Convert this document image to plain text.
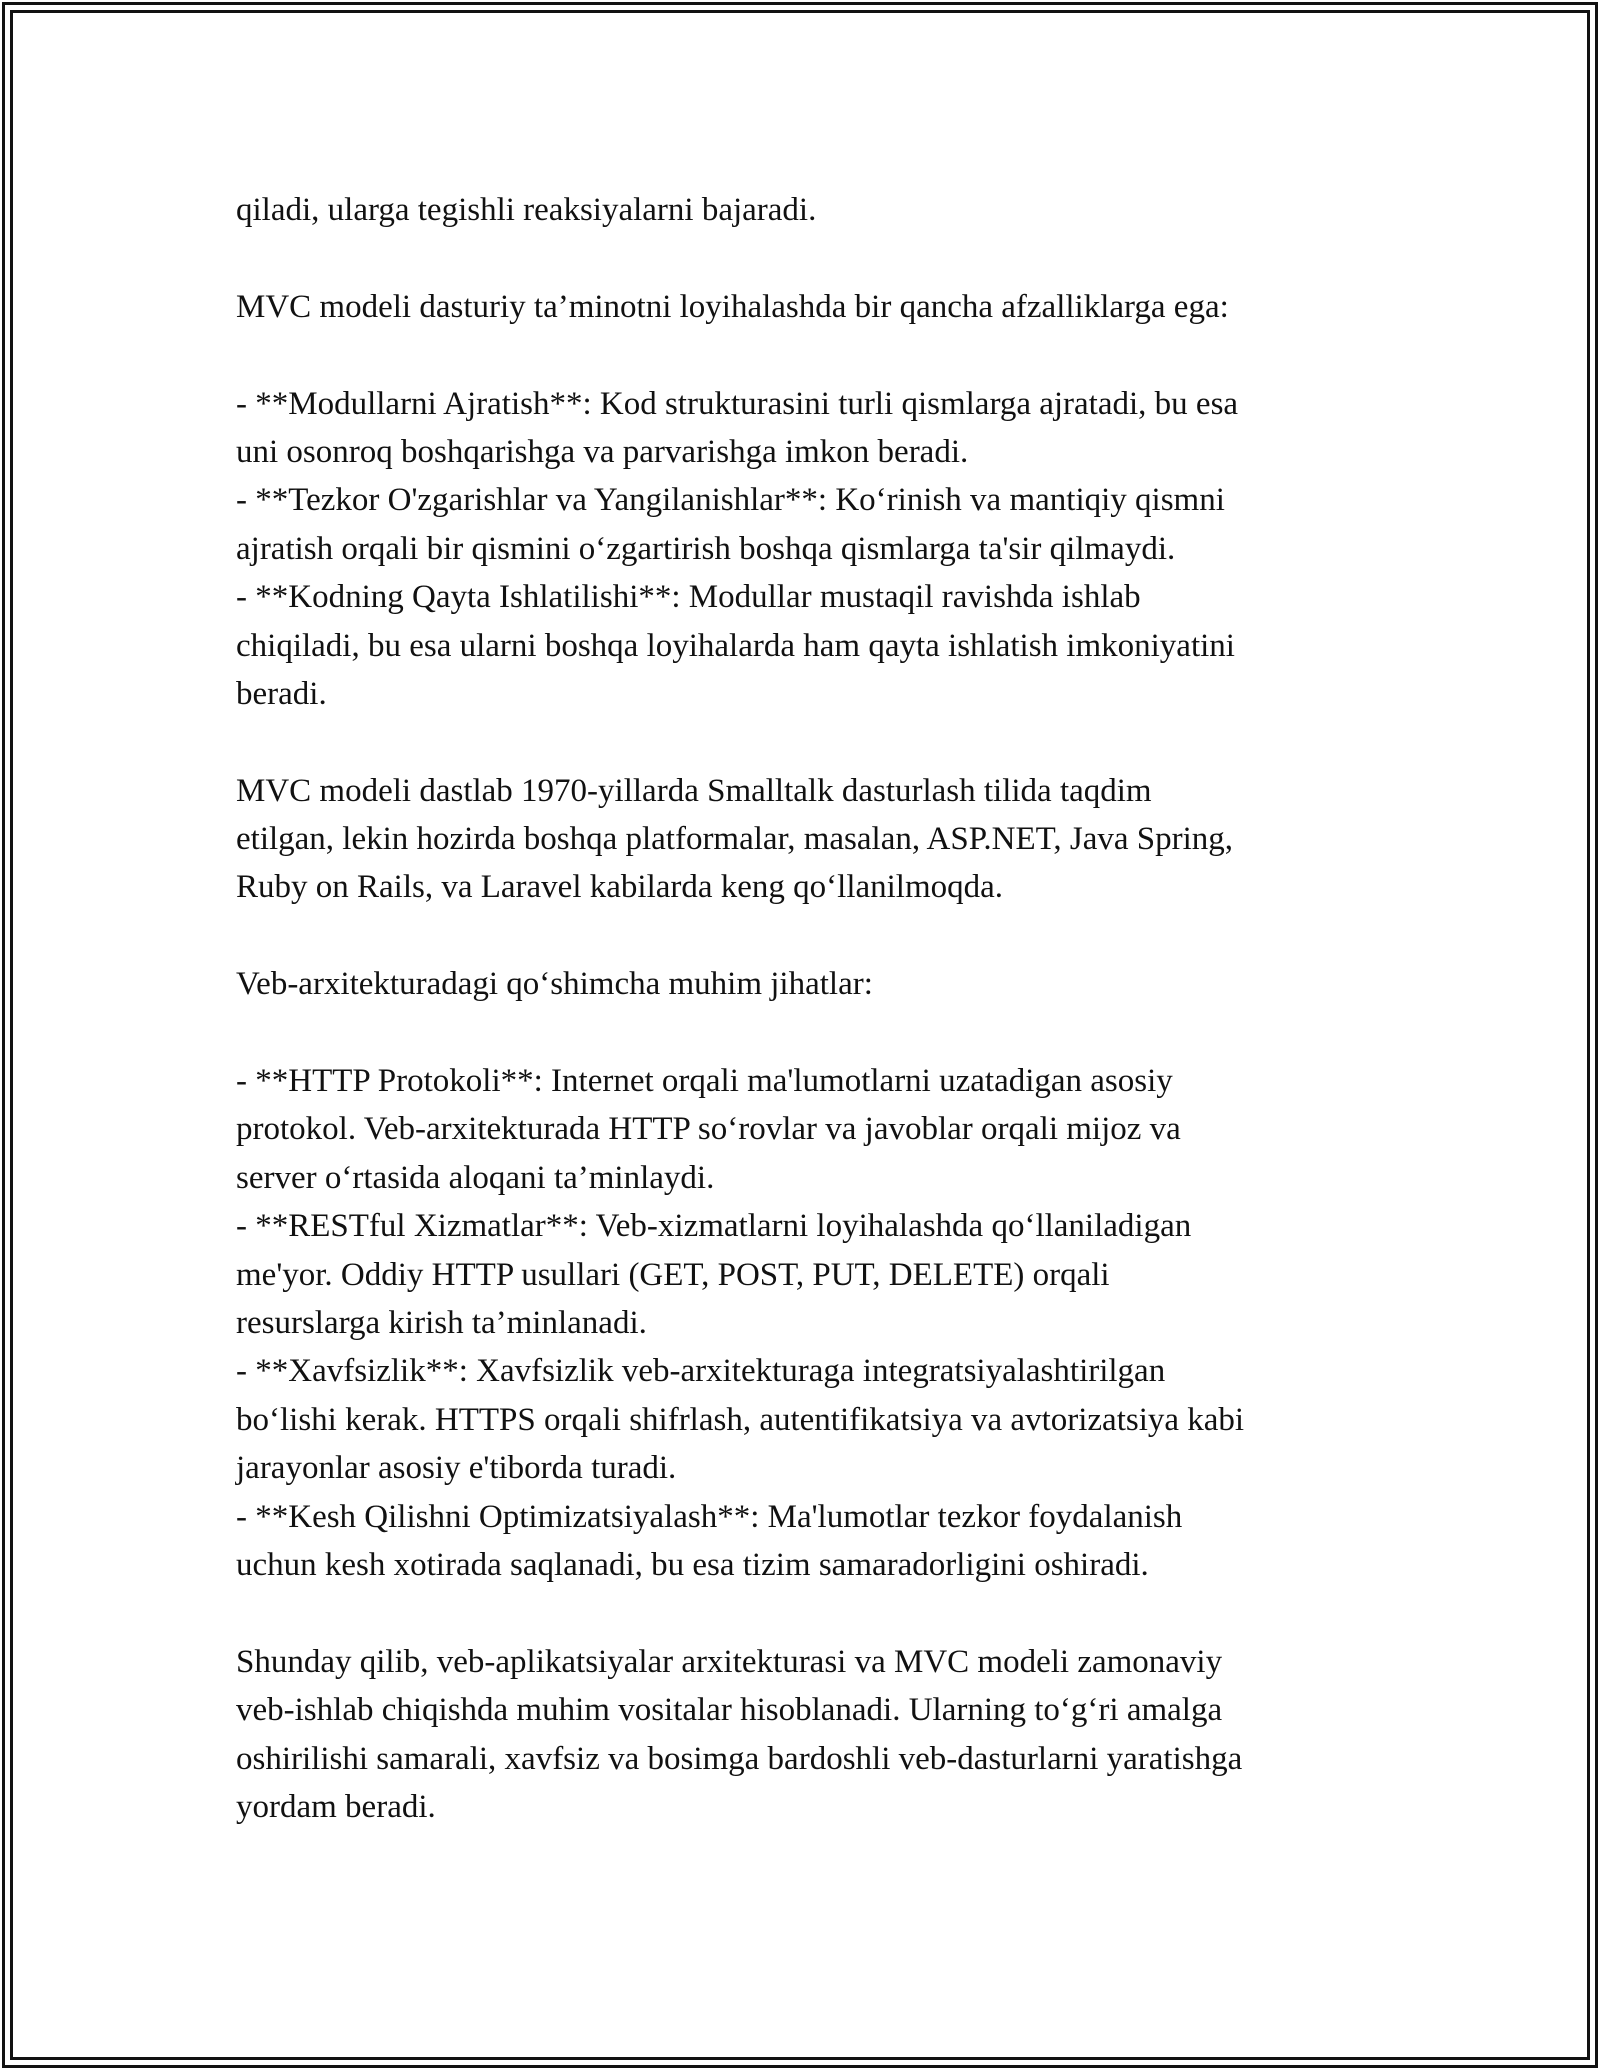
qiladi, ularga tegishli reaksiyalarni bajaradi.
MVC modeli dasturiy ta’minotni loyihalashda bir qancha afzalliklarga ega:
- **Modullarni Ajratish**: Kod strukturasini turli qismlarga ajratadi, bu esa
uni osonroq boshqarishga va parvarishga imkon beradi.
- **Tezkor O'zgarishlar va Yangilanishlar**: Ko‘rinish va mantiqiy qismni
ajratish orqali bir qismini o‘zgartirish boshqa qismlarga ta'sir qilmaydi.
- **Kodning Qayta Ishlatilishi**: Modullar mustaqil ravishda ishlab
chiqiladi, bu esa ularni boshqa loyihalarda ham qayta ishlatish imkoniyatini
beradi.
MVC modeli dastlab 1970-yillarda Smalltalk dasturlash tilida taqdim
etilgan, lekin hozirda boshqa platformalar, masalan, ASP.NET, Java Spring,
Ruby on Rails, va Laravel kabilarda keng qo‘llanilmoqda.
Veb-arxitekturadagi qo‘shimcha muhim jihatlar:
- **HTTP Protokoli**: Internet orqali ma'lumotlarni uzatadigan asosiy
protokol. Veb-arxitekturada HTTP so‘rovlar va javoblar orqali mijoz va
server o‘rtasida aloqani ta’minlaydi.
- **RESTful Xizmatlar**: Veb-xizmatlarni loyihalashda qo‘llaniladigan
me'yor. Oddiy HTTP usullari (GET, POST, PUT, DELETE) orqali
resurslarga kirish ta’minlanadi.
- **Xavfsizlik**: Xavfsizlik veb-arxitekturaga integratsiyalashtirilgan
bo‘lishi kerak. HTTPS orqali shifrlash, autentifikatsiya va avtorizatsiya kabi
jarayonlar asosiy e'tiborda turadi.
- **Kesh Qilishni Optimizatsiyalash**: Ma'lumotlar tezkor foydalanish
uchun kesh xotirada saqlanadi, bu esa tizim samaradorligini oshiradi.
Shunday qilib, veb-aplikatsiyalar arxitekturasi va MVC modeli zamonaviy
veb-ishlab chiqishda muhim vositalar hisoblanadi. Ularning to‘g‘ri amalga
oshirilishi samarali, xavfsiz va bosimga bardoshli veb-dasturlarni yaratishga
yordam beradi.
